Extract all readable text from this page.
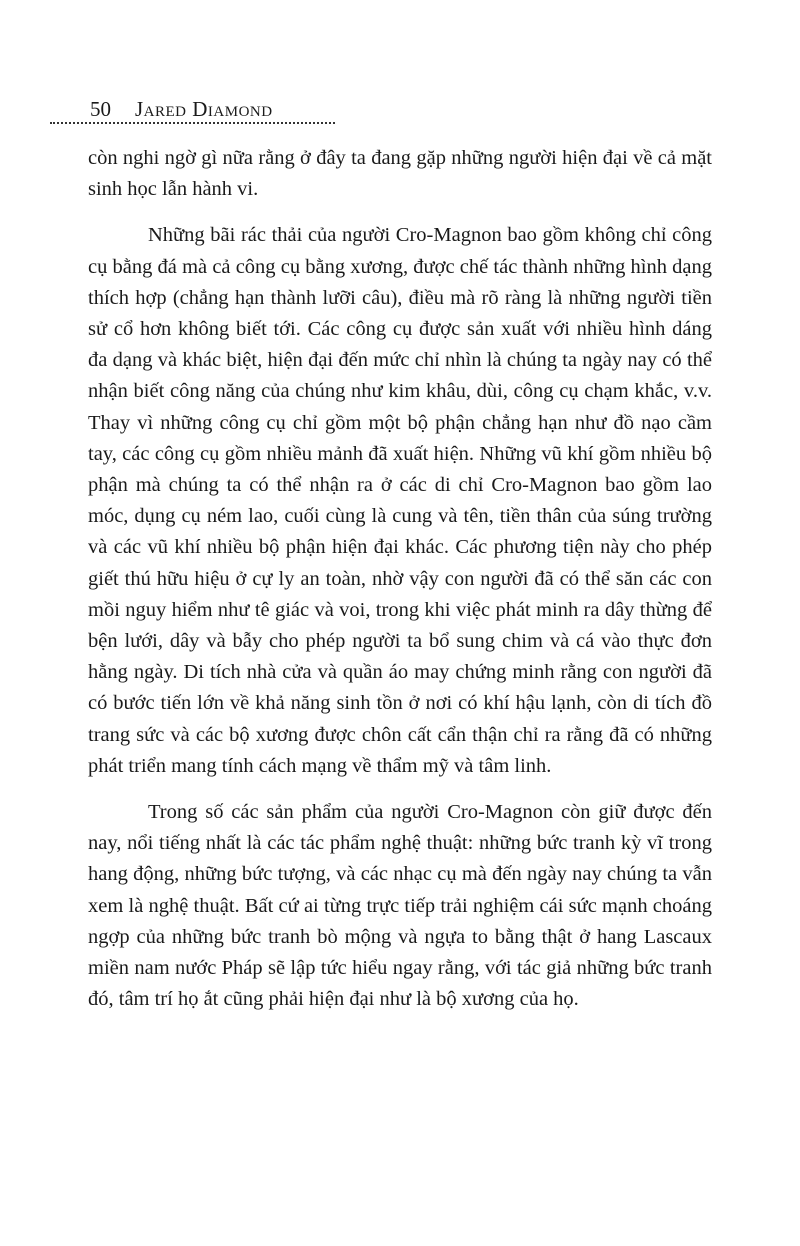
50 Jared Diamond

còn nghi ngờ gì nữa rằng ở đây ta đang gặp những người hiện đại về cả mặt sinh học lẫn hành vi.

Những bãi rác thải của người Cro-Magnon bao gồm không chỉ công cụ bằng đá mà cả công cụ bằng xương, được chế tác thành những hình dạng thích hợp (chẳng hạn thành lưỡi câu), điều mà rõ ràng là những người tiền sử cổ hơn không biết tới. Các công cụ được sản xuất với nhiều hình dáng đa dạng và khác biệt, hiện đại đến mức chỉ nhìn là chúng ta ngày nay có thể nhận biết công năng của chúng như kim khâu, dùi, công cụ chạm khắc, v.v. Thay vì những công cụ chỉ gồm một bộ phận chẳng hạn như đồ nạo cầm tay, các công cụ gồm nhiều mảnh đã xuất hiện. Những vũ khí gồm nhiều bộ phận mà chúng ta có thể nhận ra ở các di chỉ Cro-Magnon bao gồm lao móc, dụng cụ ném lao, cuối cùng là cung và tên, tiền thân của súng trường và các vũ khí nhiều bộ phận hiện đại khác. Các phương tiện này cho phép giết thú hữu hiệu ở cự ly an toàn, nhờ vậy con người đã có thể săn các con mồi nguy hiểm như tê giác và voi, trong khi việc phát minh ra dây thừng để bện lưới, dây và bẫy cho phép người ta bổ sung chim và cá vào thực đơn hằng ngày. Di tích nhà cửa và quần áo may chứng minh rằng con người đã có bước tiến lớn về khả năng sinh tồn ở nơi có khí hậu lạnh, còn di tích đồ trang sức và các bộ xương được chôn cất cẩn thận chỉ ra rằng đã có những phát triển mang tính cách mạng về thẩm mỹ và tâm linh.

Trong số các sản phẩm của người Cro-Magnon còn giữ được đến nay, nổi tiếng nhất là các tác phẩm nghệ thuật: những bức tranh kỳ vĩ trong hang động, những bức tượng, và các nhạc cụ mà đến ngày nay chúng ta vẫn xem là nghệ thuật. Bất cứ ai từng trực tiếp trải nghiệm cái sức mạnh choáng ngợp của những bức tranh bò mộng và ngựa to bằng thật ở hang Lascaux miền nam nước Pháp sẽ lập tức hiểu ngay rằng, với tác giả những bức tranh đó, tâm trí họ ắt cũng phải hiện đại như là bộ xương của họ.
